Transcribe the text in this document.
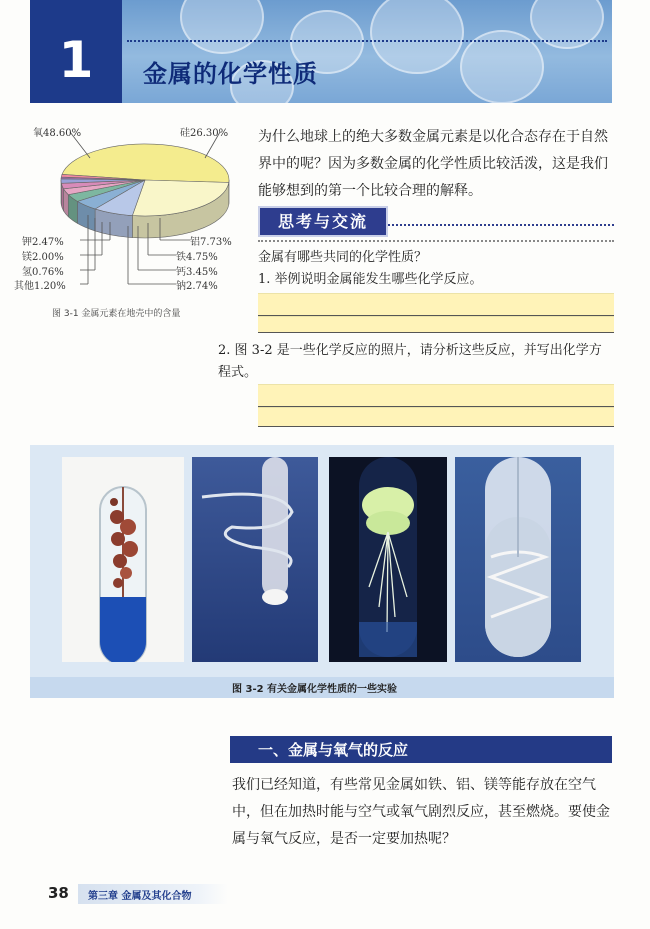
1	金属的化学性质
氧48.60%	硅26.30%
铝7.73%
铁4.75%
钙3.45%
钠2.74%
钾2.47%
镁2.00%
氢0.76%
其他1.20%
图 3-1 金属元素在地壳中的含量
为什么地球上的绝大多数金属元素是以化合态存在于自然界中的呢？因为多数金属的化学性质比较活泼，这是我们能够想到的第一个比较合理的解释。
思考与交流
金属有哪些共同的化学性质？
1. 举例说明金属能发生哪些化学反应。
2. 图 3-2 是一些化学反应的照片，请分析这些反应，并写出化学方程式。
图 3-2 有关金属化学性质的一些实验
一、金属与氧气的反应
我们已经知道，有些常见金属如铁、铝、镁等能存放在空气中，但在加热时能与空气或氧气剧烈反应，甚至燃烧。要使金属与氧气反应，是否一定要加热呢？
38 第三章 金属及其化合物
